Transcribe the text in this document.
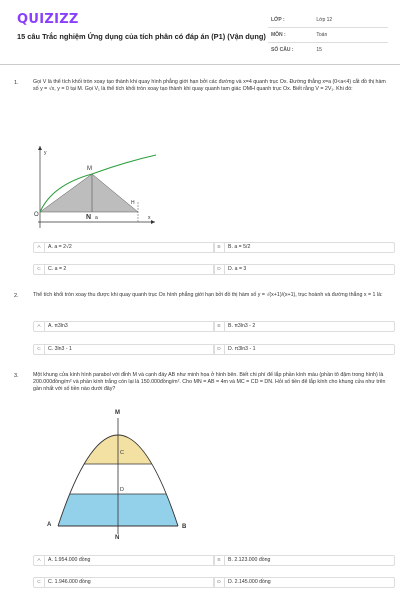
QUIZIZZ
15 câu Trắc nghiệm Ứng dụng của tích phân có đáp án (P1) (Vận dụng)
LỚP :	Lớp 12
MÔN :	Toán
SỐ CÂU :	15
1.	Gọi V là thể tích khối tròn xoay tạo thành khi quay hình phẳng giới hạn bởi các đường và x=4 quanh trục Ox. Đường thẳng x=a (0<a<4) cắt đồ thị hàm số y = √x, y = 0 tại M. Gọi V₁ là thể tích khối tròn xoay tạo thành khi quay quanh tam giác OMH quanh trục Ox. Biết rằng V = 2V₁. Khi đó:
y
x
O
M
N a
H
A	A. a = 2√2	B	B. a = 5/2
C	C. a = 2	D	D. a = 3
2.	Thể tích khối tròn xoay thu được khi quay quanh trục Ox hình phẳng giới hạn bởi đồ thị hàm số y = √(x+1)/(x+1), trục hoành và đường thẳng x = 1 là:
A	A. π3ln3	B	B. π3ln3 - 2
C	C. 3ln3 - 1	D	D. π3ln3 - 1
3.	Một khung cửa kính hình parabol với đỉnh M và cạnh đáy AB như minh họa ở hình bên. Biết chi phí để lắp phần kính màu (phần tô đậm trong hình) là 200.000đồng/m² và phần kính trắng còn lại là 150.000đồng/m². Cho MN = AB = 4m và MC = CD = DN. Hỏi số tiền để lắp kính cho khung cửa như trên gần nhất với số tiền nào dưới đây?
M
C
D
A	B
N
A	A. 1.954.000 đồng	B	B. 2.123.000 đồng
C	C. 1.946.000 đồng	D	D. 2.145.000 đồng
